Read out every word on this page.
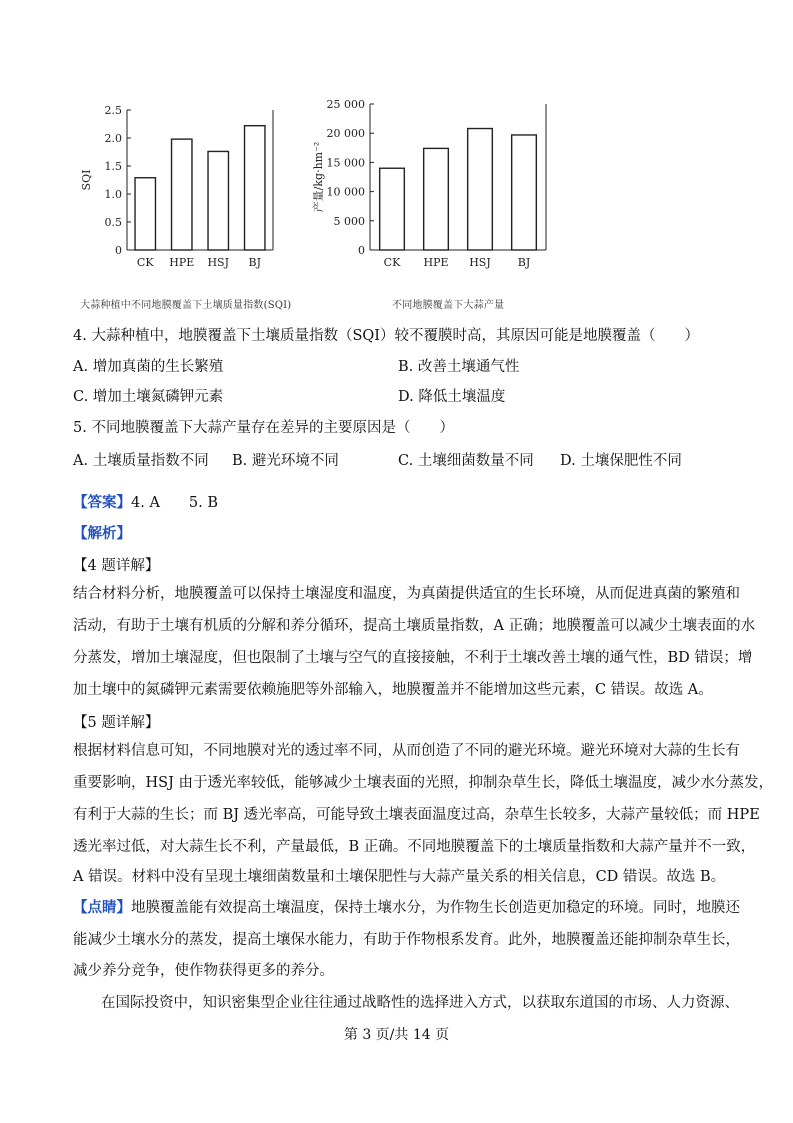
0
0.5
1.0
1.5
2.0
2.5
SQI
CK HPE HSJ BJ
大蒜种植中不同地膜覆盖下土壤质量指数(SQI)
0
5 000
10 000
15 000
20 000
25 000
产量/kg·hm⁻²
CK HPE HSJ BJ
不同地膜覆盖下大蒜产量
4. 大蒜种植中，地膜覆盖下土壤质量指数（SQI）较不覆膜时高，其原因可能是地膜覆盖（　　）
A. 增加真菌的生长繁殖	B. 改善土壤通气性
C. 增加土壤氮磷钾元素	D. 降低土壤温度
5. 不同地膜覆盖下大蒜产量存在差异的主要原因是（　　）
A. 土壤质量指数不同 B. 避光环境不同	C. 土壤细菌数量不同 D. 土壤保肥性不同
【答案】4. A　　5. B
【解析】
【4 题详解】
结合材料分析，地膜覆盖可以保持土壤湿度和温度，为真菌提供适宜的生长环境，从而促进真菌的繁殖和
活动，有助于土壤有机质的分解和养分循环，提高土壤质量指数，A 正确；地膜覆盖可以减少土壤表面的水
分蒸发，增加土壤湿度，但也限制了土壤与空气的直接接触，不利于土壤改善土壤的通气性，BD 错误；增
加土壤中的氮磷钾元素需要依赖施肥等外部输入，地膜覆盖并不能增加这些元素，C 错误。故选 A。
【5 题详解】
根据材料信息可知，不同地膜对光的透过率不同，从而创造了不同的避光环境。避光环境对大蒜的生长有
重要影响，HSJ 由于透光率较低，能够减少土壤表面的光照，抑制杂草生长，降低土壤温度，减少水分蒸发，
有利于大蒜的生长；而 BJ 透光率高，可能导致土壤表面温度过高，杂草生长较多，大蒜产量较低；而 HPE
透光率过低，对大蒜生长不利，产量最低，B 正确。不同地膜覆盖下的土壤质量指数和大蒜产量并不一致，
A 错误。材料中没有呈现土壤细菌数量和土壤保肥性与大蒜产量关系的相关信息，CD 错误。故选 B。
【点睛】地膜覆盖能有效提高土壤温度，保持土壤水分，为作物生长创造更加稳定的环境。同时，地膜还
能减少土壤水分的蒸发，提高土壤保水能力，有助于作物根系发育。此外，地膜覆盖还能抑制杂草生长，
减少养分竞争，使作物获得更多的养分。
在国际投资中，知识密集型企业往往通过战略性的选择进入方式，以获取东道国的市场、人力资源、
第 3 页/共 14 页
